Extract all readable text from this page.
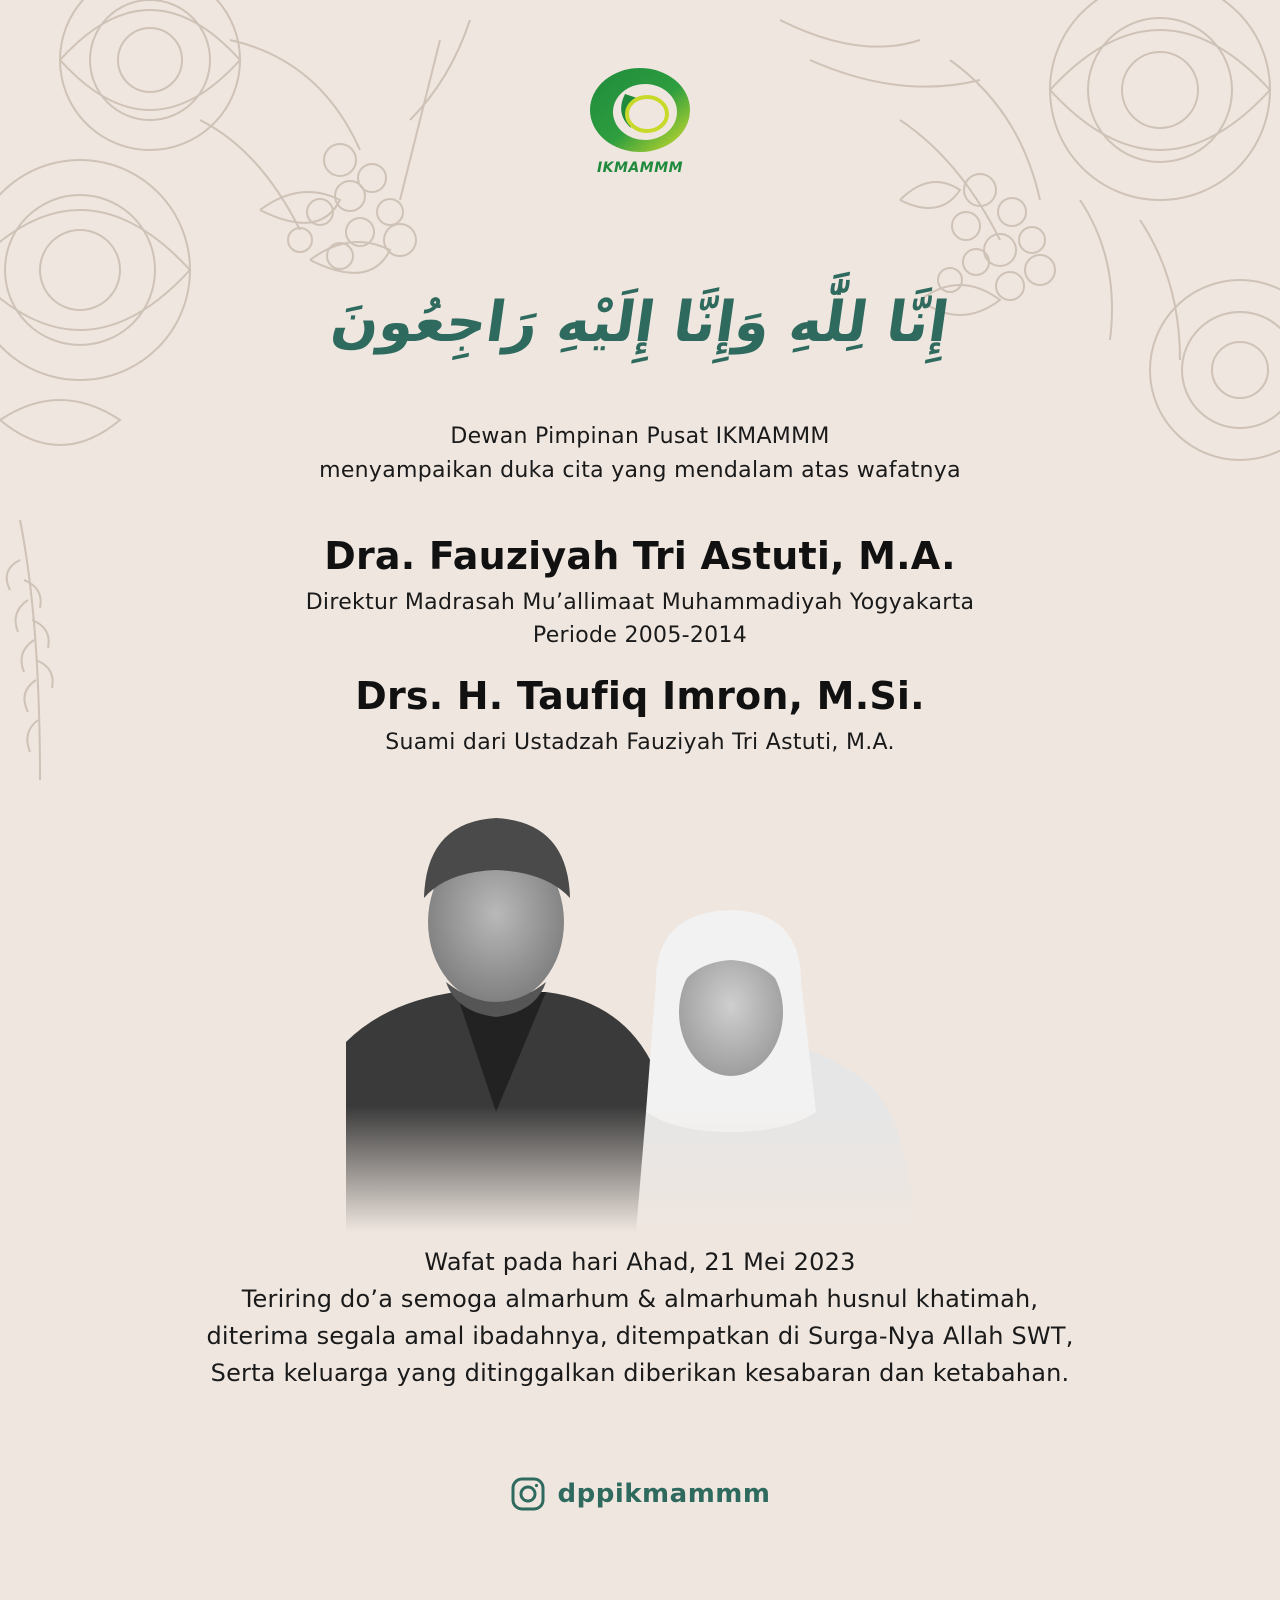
IKMAMMM
إِنَّا لِلَّٰهِ وَإِنَّا إِلَيْهِ رَاجِعُونَ
Dewan Pimpinan Pusat IKMAMMM
menyampaikan duka cita yang mendalam atas wafatnya
Dra. Fauziyah Tri Astuti, M.A.
Direktur Madrasah Mu’allimaat Muhammadiyah Yogyakarta
Periode 2005-2014
Drs. H. Taufiq Imron, M.Si.
Suami dari Ustadzah Fauziyah Tri Astuti, M.A.
Wafat pada hari Ahad, 21 Mei 2023
Teriring do’a semoga almarhum & almarhumah husnul khatimah,
diterima segala amal ibadahnya, ditempatkan di Surga-Nya Allah SWT,
Serta keluarga yang ditinggalkan diberikan kesabaran dan ketabahan.
dppikmammm
